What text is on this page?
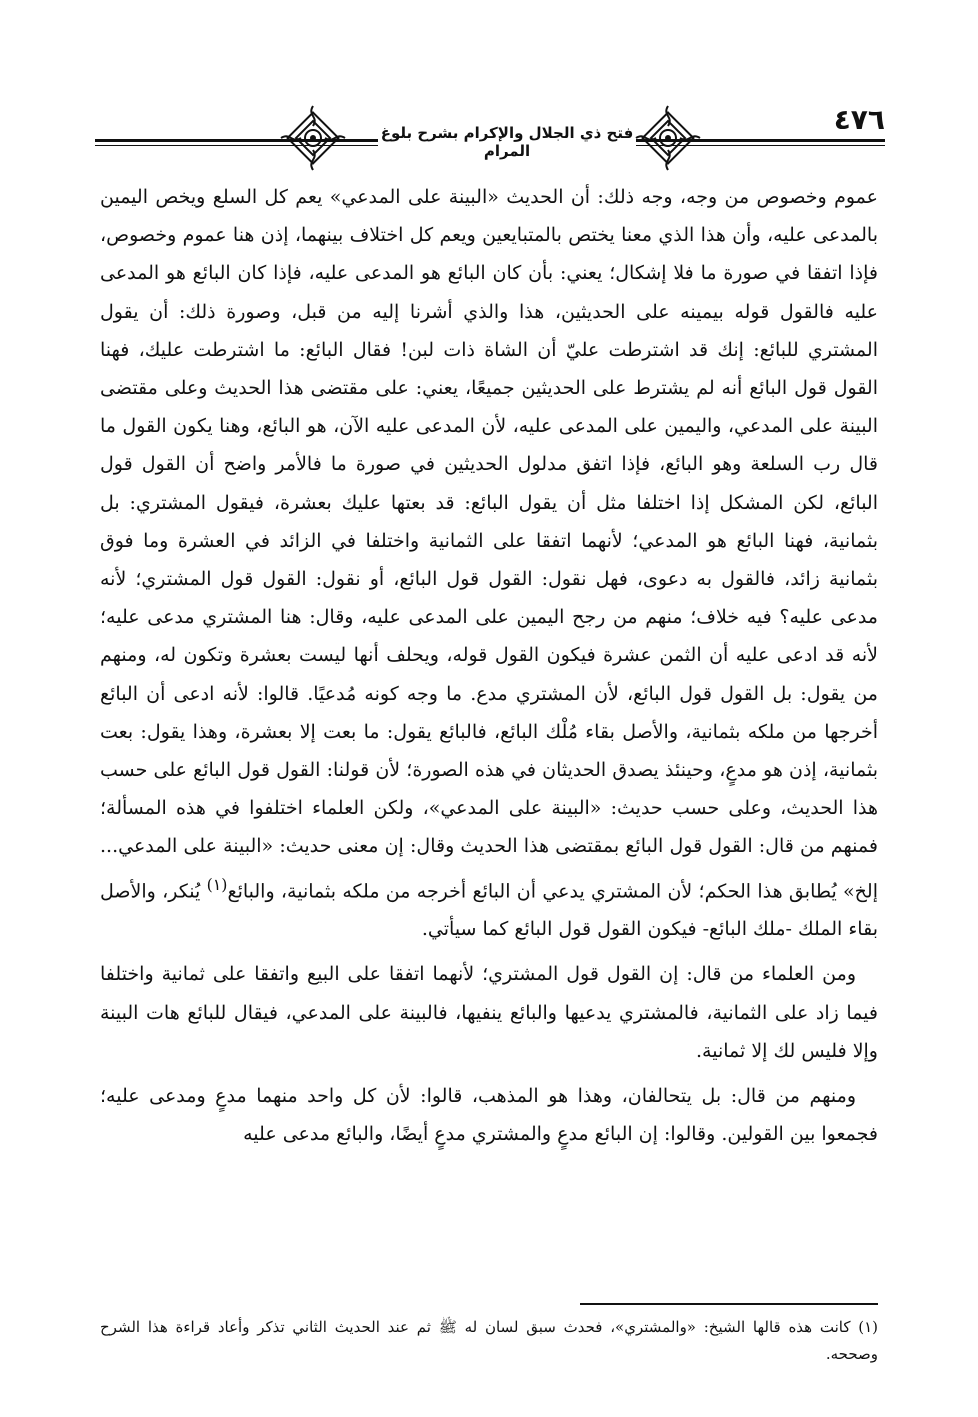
٤٧٦
فتح ذي الجلال والإكرام بشرح بلوغ المرام

عموم وخصوص من وجه، وجه ذلك: أن الحديث «البينة على المدعي» يعم كل السلع ويخص اليمين بالمدعى عليه، وأن هذا الذي معنا يختص بالمتبايعين ويعم كل اختلاف بينهما، إذن هنا عموم وخصوص، فإذا اتفقا في صورة ما فلا إشكال؛ يعني: بأن كان البائع هو المدعى عليه، فإذا كان البائع هو المدعى عليه فالقول قوله بيمينه على الحديثين، هذا والذي أشرنا إليه من قبل، وصورة ذلك: أن يقول المشتري للبائع: إنك قد اشترطت عليّ أن الشاة ذات لبن! فقال البائع: ما اشترطت عليك، فهنا القول قول البائع أنه لم يشترط على الحديثين جميعًا، يعني: على مقتضى هذا الحديث وعلى مقتضى البينة على المدعي، واليمين على المدعى عليه، لأن المدعى عليه الآن، هو البائع، وهنا يكون القول ما قال رب السلعة وهو البائع، فإذا اتفق مدلول الحديثين في صورة ما فالأمر واضح أن القول قول البائع، لكن المشكل إذا اختلفا مثل أن يقول البائع: قد بعتها عليك بعشرة، فيقول المشتري: بل بثمانية، فهنا البائع هو المدعي؛ لأنهما اتفقا على الثمانية واختلفا في الزائد في العشرة وما فوق بثمانية زائد، فالقول به دعوى، فهل نقول: القول قول البائع، أو نقول: القول قول المشتري؛ لأنه مدعى عليه؟ فيه خلاف؛ منهم من رجح اليمين على المدعى عليه، وقال: هنا المشتري مدعى عليه؛ لأنه قد ادعى عليه أن الثمن عشرة فيكون القول قوله، ويحلف أنها ليست بعشرة وتكون له، ومنهم من يقول: بل القول قول البائع، لأن المشتري مدع. ما وجه كونه مُدعيًا. قالوا: لأنه ادعى أن البائع أخرجها من ملكه بثمانية، والأصل بقاء مُلْك البائع، فالبائع يقول: ما بعت إلا بعشرة، وهذا يقول: بعت بثمانية، إذن هو مدعٍ، وحينئذ يصدق الحديثان في هذه الصورة؛ لأن قولنا: القول قول البائع على حسب هذا الحديث، وعلى حسب حديث: «البينة على المدعي»، ولكن العلماء اختلفوا في هذه المسألة؛ فمنهم من قال: القول قول البائع بمقتضى هذا الحديث وقال: إن معنى حديث: «البينة على المدعي... إلخ» يُطابق هذا الحكم؛ لأن المشتري يدعي أن البائع أخرجه من ملكه بثمانية، والبائع$^{(١)}$ يُنكر، والأصل بقاء الملك -ملك البائع- فيكون القول قول البائع كما سيأتي.

ومن العلماء من قال: إن القول قول المشتري؛ لأنهما اتفقا على البيع واتفقا على ثمانية واختلفا فيما زاد على الثمانية، فالمشتري يدعيها والبائع ينفيها، فالبينة على المدعي، فيقال للبائع هات البينة وإلا فليس لك إلا ثمانية.

ومنهم من قال: بل يتحالفان، وهذا هو المذهب، قالوا: لأن كل واحد منهما مدعٍ ومدعى عليه؛ فجمعوا بين القولين. وقالوا: إن البائع مدعٍ والمشتري مدعٍ أيضًا، والبائع مدعى عليه

(١) كانت هذه قالها الشيخ: «والمشتري»، فحدث سبق لسان له ﷺ ثم عند الحديث الثاني تذكر وأعاد قراءة هذا الشرح وصححه.
